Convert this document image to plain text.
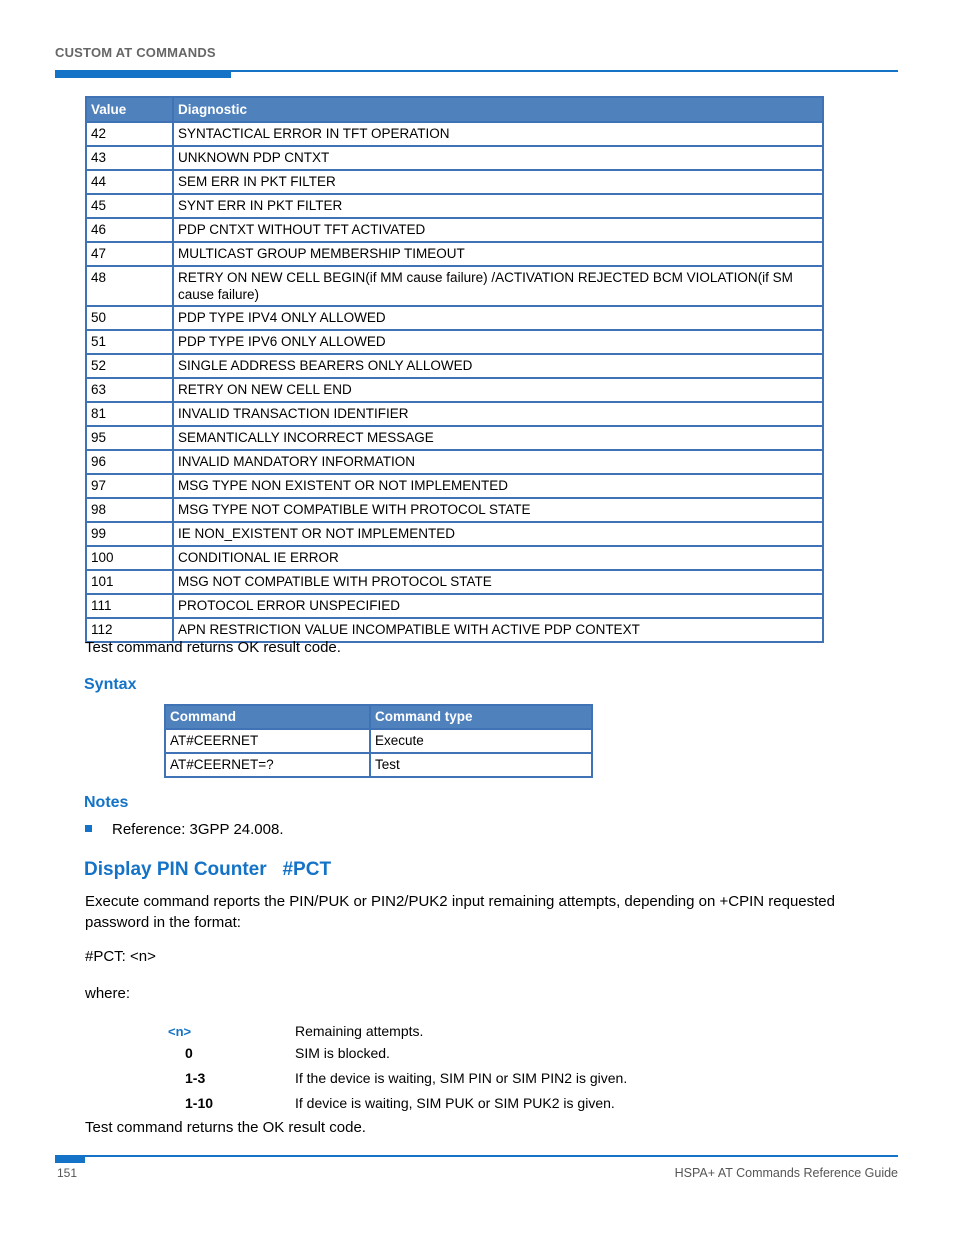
CUSTOM AT COMMANDS
Value	Diagnostic
42	SYNTACTICAL ERROR IN TFT OPERATION
43	UNKNOWN PDP CNTXT
44	SEM ERR IN PKT FILTER
45	SYNT ERR IN PKT FILTER
46	PDP CNTXT WITHOUT TFT ACTIVATED
47	MULTICAST GROUP MEMBERSHIP TIMEOUT
48	RETRY ON NEW CELL BEGIN(if MM cause failure) /ACTIVATION REJECTED BCM VIOLATION(if SM cause failure)
50	PDP TYPE IPV4 ONLY ALLOWED
51	PDP TYPE IPV6 ONLY ALLOWED
52	SINGLE ADDRESS BEARERS ONLY ALLOWED
63	RETRY ON NEW CELL END
81	INVALID TRANSACTION IDENTIFIER
95	SEMANTICALLY INCORRECT MESSAGE
96	INVALID MANDATORY INFORMATION
97	MSG TYPE NON EXISTENT OR NOT IMPLEMENTED
98	MSG TYPE NOT COMPATIBLE WITH PROTOCOL STATE
99	IE NON_EXISTENT OR NOT IMPLEMENTED
100	CONDITIONAL IE ERROR
101	MSG NOT COMPATIBLE WITH PROTOCOL STATE
111	PROTOCOL ERROR UNSPECIFIED
112	APN RESTRICTION VALUE INCOMPATIBLE WITH ACTIVE PDP CONTEXT
Test command returns OK result code.
Syntax
Command	Command type
AT#CEERNET	Execute
AT#CEERNET=?	Test
Notes
Reference: 3GPP 24.008.
Display PIN Counter   #PCT
Execute command reports the PIN/PUK or PIN2/PUK2 input remaining attempts, depending on +CPIN requested password in the format:
#PCT: <n>
where:
<n>	Remaining attempts.
0	SIM is blocked.
1-3	If the device is waiting, SIM PIN or SIM PIN2 is given.
1-10	If device is waiting, SIM PUK or SIM PUK2 is given.
Test command returns the OK result code.
151	HSPA+ AT Commands Reference Guide
